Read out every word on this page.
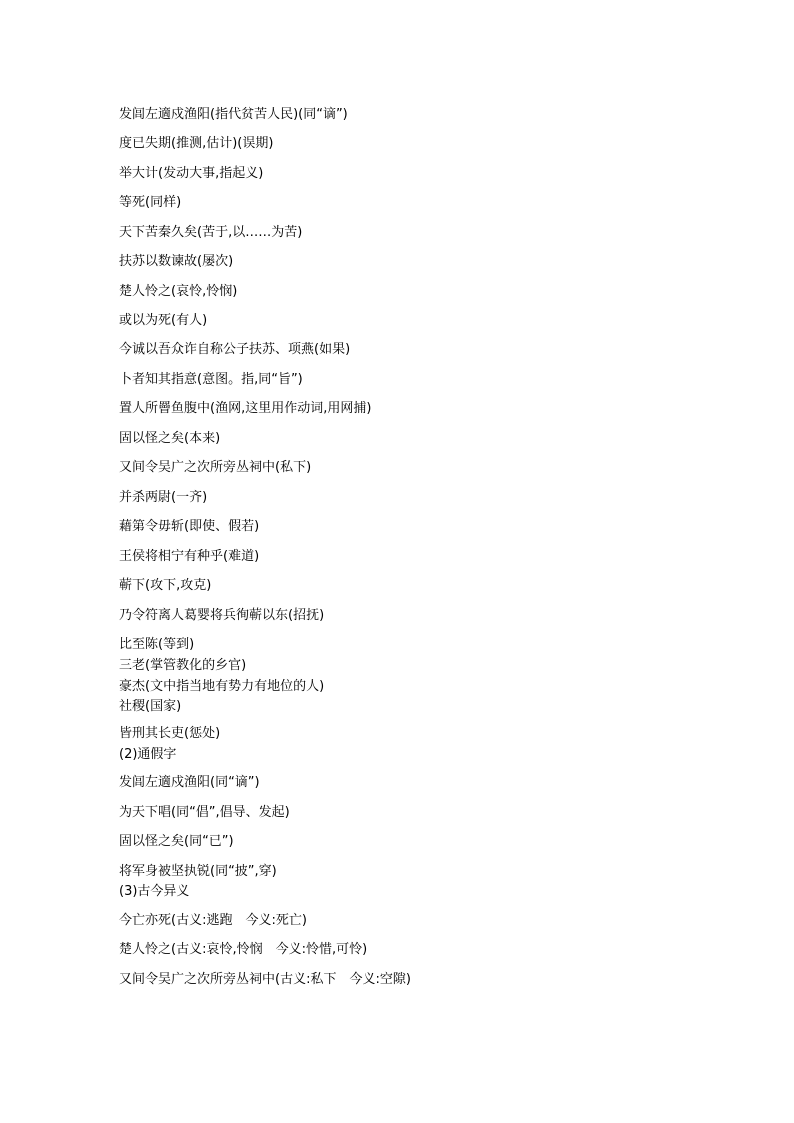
发闾左適戍渔阳(指代贫苦人民)(同“谪”)
度已失期(推测,估计)(误期)
举大计(发动大事,指起义)
等死(同样)
天下苦秦久矣(苦于,以……为苦)
扶苏以数谏故(屡次)
楚人怜之(哀怜,怜悯)
或以为死(有人)
今诚以吾众诈自称公子扶苏、项燕(如果)
卜者知其指意(意图。指,同“旨”)
置人所罾鱼腹中(渔网,这里用作动词,用网捕)
固以怪之矣(本来)
又间令吴广之次所旁丛祠中(私下)
并杀两尉(一齐)
藉第令毋斩(即使、假若)
王侯将相宁有种乎(难道)
蕲下(攻下,攻克)
乃令符离人葛婴将兵徇蕲以东(招抚)
比至陈(等到)
三老(掌管教化的乡官)
豪杰(文中指当地有势力有地位的人)
社稷(国家)
皆刑其长吏(惩处)
(2)通假字
发闾左適戍渔阳(同“谪”)
为天下唱(同“倡”,倡导、发起)
固以怪之矣(同“已”)
将军身被坚执锐(同“披”,穿)
(3)古今异义
今亡亦死(古义:逃跑　今义:死亡)
楚人怜之(古义:哀怜,怜悯　今义:怜惜,可怜)
又间令吴广之次所旁丛祠中(古义:私下　今义:空隙)
